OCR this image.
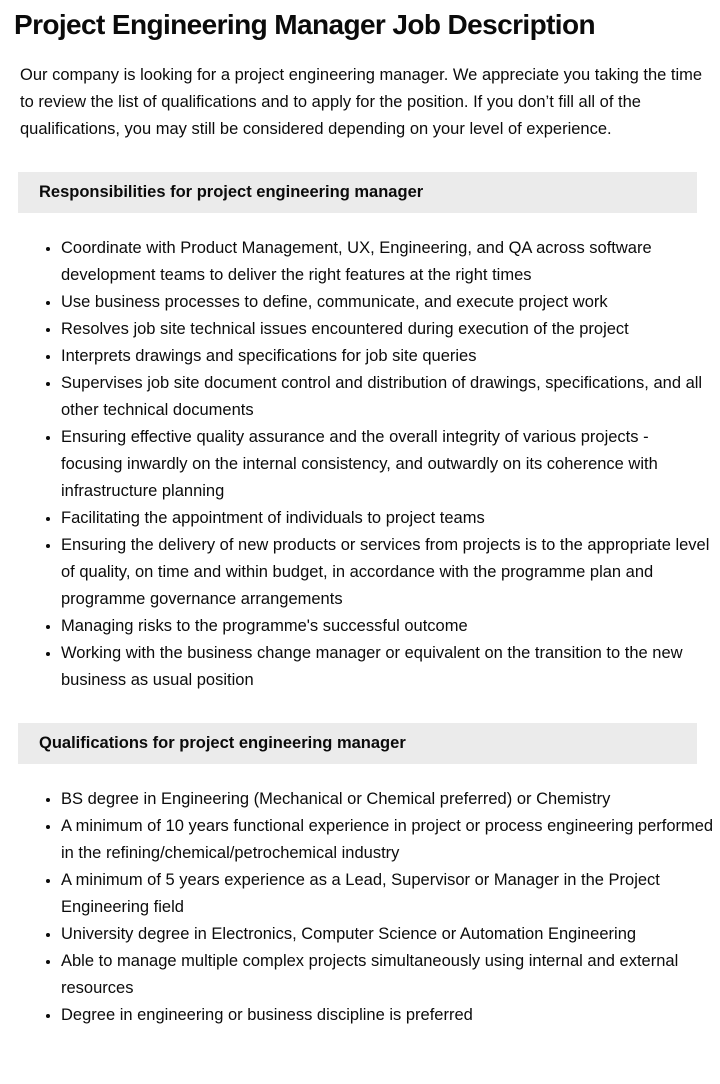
Project Engineering Manager Job Description

Our company is looking for a project engineering manager. We appreciate you taking the time to review the list of qualifications and to apply for the position. If you don’t fill all of the qualifications, you may still be considered depending on your level of experience.

Responsibilities for project engineering manager
• Coordinate with Product Management, UX, Engineering, and QA across software development teams to deliver the right features at the right times
• Use business processes to define, communicate, and execute project work
• Resolves job site technical issues encountered during execution of the project
• Interprets drawings and specifications for job site queries
• Supervises job site document control and distribution of drawings, specifications, and all other technical documents
• Ensuring effective quality assurance and the overall integrity of various projects - focusing inwardly on the internal consistency, and outwardly on its coherence with infrastructure planning
• Facilitating the appointment of individuals to project teams
• Ensuring the delivery of new products or services from projects is to the appropriate level of quality, on time and within budget, in accordance with the programme plan and programme governance arrangements
• Managing risks to the programme's successful outcome
• Working with the business change manager or equivalent on the transition to the new business as usual position
Qualifications for project engineering manager
• BS degree in Engineering (Mechanical or Chemical preferred) or Chemistry
• A minimum of 10 years functional experience in project or process engineering performed in the refining/chemical/petrochemical industry
• A minimum of 5 years experience as a Lead, Supervisor or Manager in the Project Engineering field
• University degree in Electronics, Computer Science or Automation Engineering
• Able to manage multiple complex projects simultaneously using internal and external resources
• Degree in engineering or business discipline is preferred
